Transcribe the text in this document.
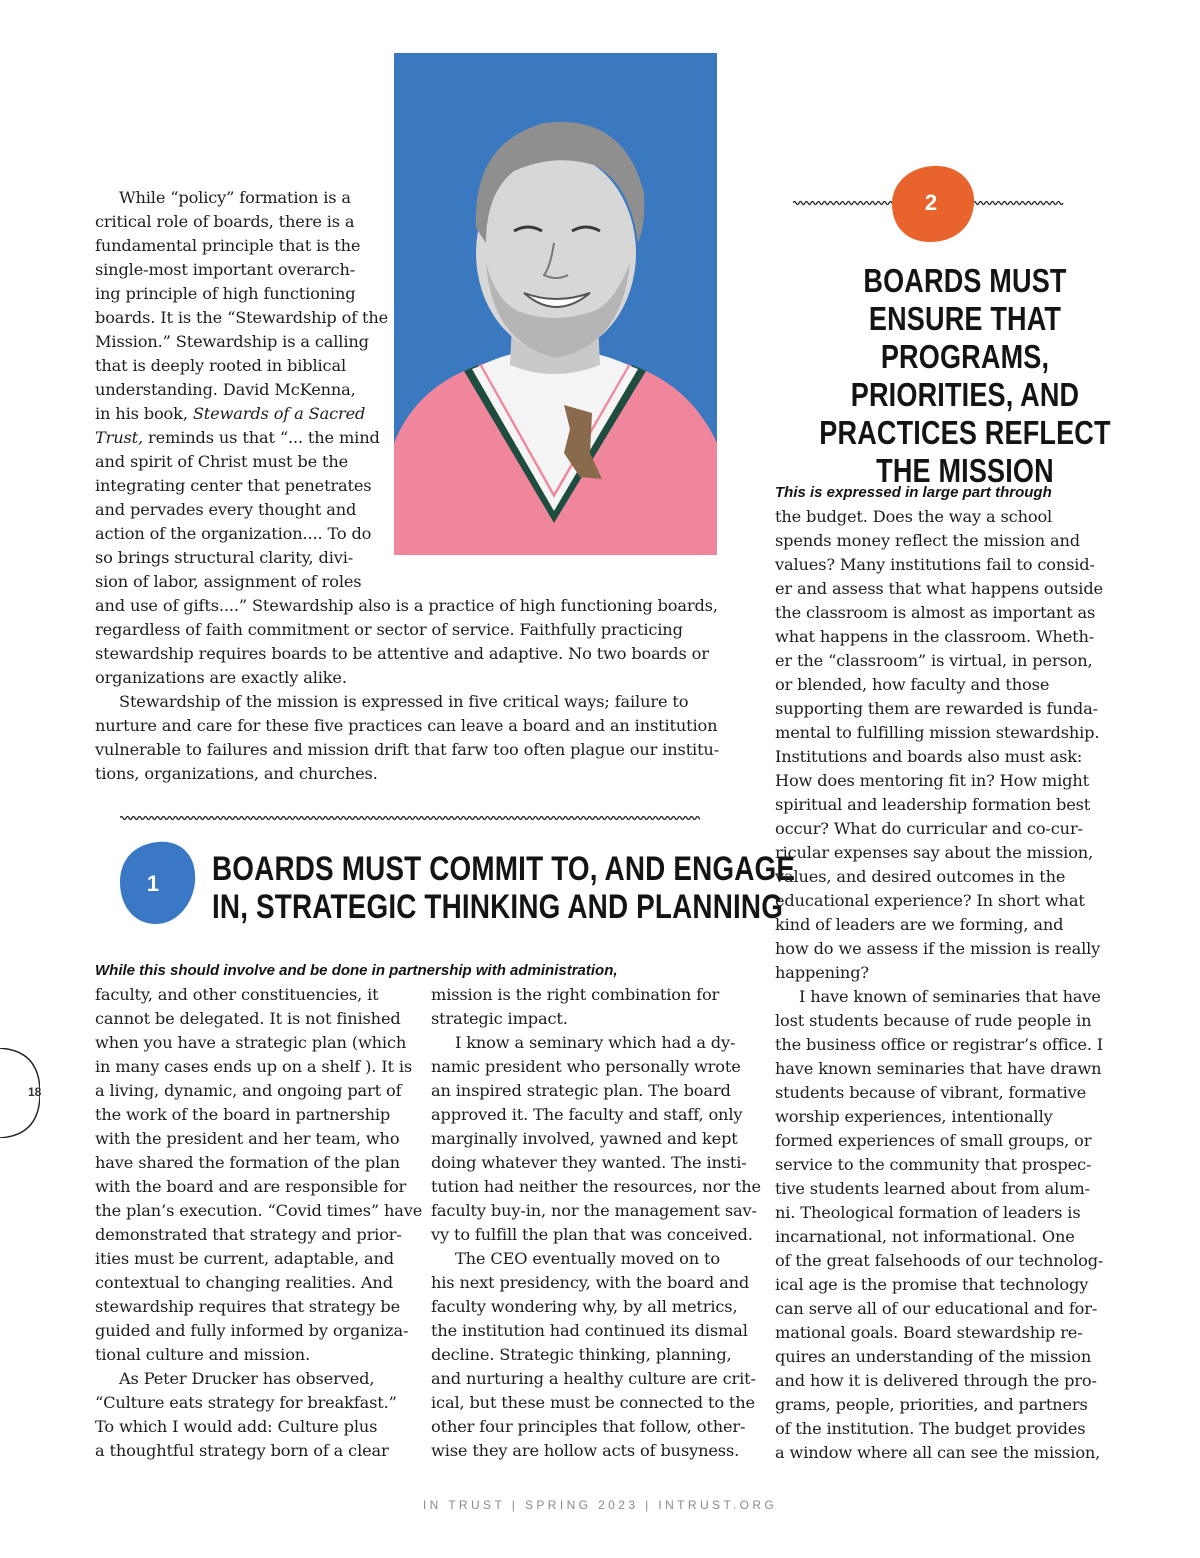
While “policy” formation is a
critical role of boards, there is a
fundamental principle that is the
single-most important overarch-
ing principle of high functioning
boards. It is the “Stewardship of the
Mission.” Stewardship is a calling
that is deeply rooted in biblical
understanding. David McKenna,
in his book, Stewards of a Sacred
Trust, reminds us that “... the mind
and spirit of Christ must be the
integrating center that penetrates
and pervades every thought and
action of the organization.... To do
so brings structural clarity, divi-
sion of labor, assignment of roles
and use of gifts....” Stewardship also is a practice of high functioning boards,
regardless of faith commitment or sector of service. Faithfully practicing
stewardship requires boards to be attentive and adaptive. No two boards or
organizations are exactly alike.
Stewardship of the mission is expressed in five critical ways; failure to
nurture and care for these five practices can leave a board and an institution
vulnerable to failures and mission drift that farw too often plague our institu-
tions, organizations, and churches.
1	BOARDS MUST COMMIT TO, AND ENGAGE
IN, STRATEGIC THINKING AND PLANNING
While this should involve and be done in partnership with administration,
faculty, and other constituencies, it
cannot be delegated. It is not finished
when you have a strategic plan (which
in many cases ends up on a shelf ). It is
a living, dynamic, and ongoing part of
the work of the board in partnership
with the president and her team, who
have shared the formation of the plan
with the board and are responsible for
the plan’s execution. “Covid times” have
demonstrated that strategy and prior-
ities must be current, adaptable, and
contextual to changing realities. And
stewardship requires that strategy be
guided and fully informed by organiza-
tional culture and mission.
As Peter Drucker has observed,
“Culture eats strategy for breakfast.”
To which I would add: Culture plus
a thoughtful strategy born of a clear
mission is the right combination for
strategic impact.
I know a seminary which had a dy-
namic president who personally wrote
an inspired strategic plan. The board
approved it. The faculty and staff, only
marginally involved, yawned and kept
doing whatever they wanted. The insti-
tution had neither the resources, nor the
faculty buy-in, nor the management sav-
vy to fulfill the plan that was conceived.
The CEO eventually moved on to
his next presidency, with the board and
faculty wondering why, by all metrics,
the institution had continued its dismal
decline. Strategic thinking, planning,
and nurturing a healthy culture are crit-
ical, but these must be connected to the
other four principles that follow, other-
wise they are hollow acts of busyness.
2
BOARDS MUST
ENSURE THAT PROGRAMS,
PRIORITIES, AND
PRACTICES REFLECT
THE MISSION
This is expressed in large part through
the budget. Does the way a school
spends money reflect the mission and
values? Many institutions fail to consid-
er and assess that what happens outside
the classroom is almost as important as
what happens in the classroom. Wheth-
er the “classroom” is virtual, in person,
or blended, how faculty and those
supporting them are rewarded is funda-
mental to fulfilling mission stewardship.
Institutions and boards also must ask:
How does mentoring fit in? How might
spiritual and leadership formation best
occur? What do curricular and co-cur-
ricular expenses say about the mission,
values, and desired outcomes in the
educational experience? In short what
kind of leaders are we forming, and
how do we assess if the mission is really
happening?
I have known of seminaries that have
lost students because of rude people in
the business office or registrar’s office. I
have known seminaries that have drawn
students because of vibrant, formative
worship experiences, intentionally
formed experiences of small groups, or
service to the community that prospec-
tive students learned about from alum-
ni. Theological formation of leaders is
incarnational, not informational. One
of the great falsehoods of our technolog-
ical age is the promise that technology
can serve all of our educational and for-
mational goals. Board stewardship re-
quires an understanding of the mission
and how it is delivered through the pro-
grams, people, priorities, and partners
of the institution. The budget provides
a window where all can see the mission,
18
IN TRUST | SPRING 2023 | INTRUST.ORG
